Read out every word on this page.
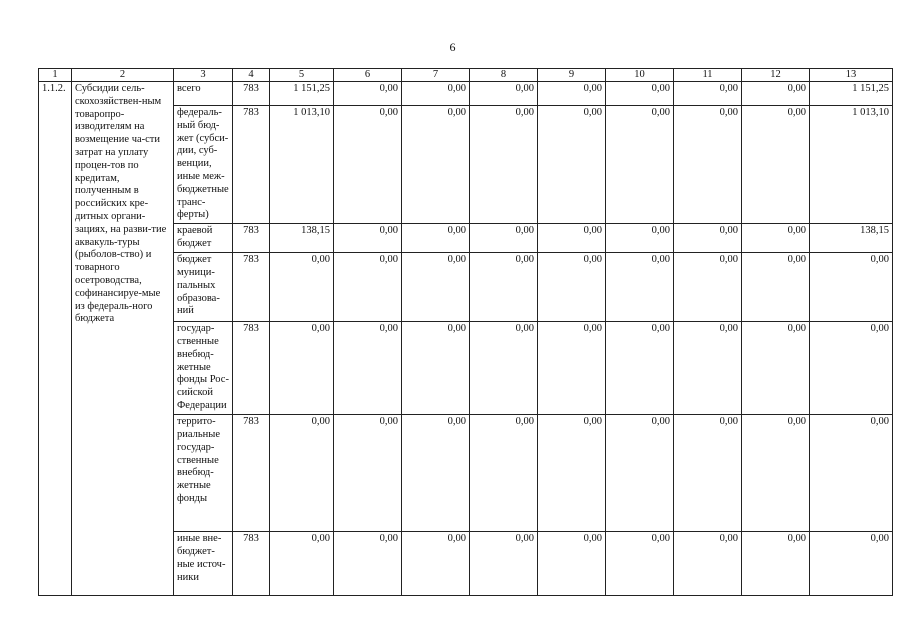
6
1	2	3	4	5	6	7	8	9	10	11	12	13
1.1.2.	Субсидии сель-скохозяйствен-ным товаропро-изводителям на возмещение ча-сти затрат на уплату процен-тов по кредитам, полученным в российских кре-дитных органи-зациях, на разви-тие аквакуль-туры (рыболов-ство) и товарного осетроводства, софинансируе-мые из федераль-ного бюджета	всего	783	1 151,25	0,00	0,00	0,00	0,00	0,00	0,00	0,00	1 151,25
		федераль-ный бюд-жет (субси-дии, суб-венции, иные меж-бюджетные транс-ферты)	783	1 013,10	0,00	0,00	0,00	0,00	0,00	0,00	0,00	1 013,10
		краевой бюджет	783	138,15	0,00	0,00	0,00	0,00	0,00	0,00	0,00	138,15
		бюджет муници-пальных образова-ний	783	0,00	0,00	0,00	0,00	0,00	0,00	0,00	0,00	0,00
		государ-ственные внебюд-жетные фонды Рос-сийской Федерации	783	0,00	0,00	0,00	0,00	0,00	0,00	0,00	0,00	0,00
		террито-риальные государ-ственные внебюд-жетные фонды	783	0,00	0,00	0,00	0,00	0,00	0,00	0,00	0,00	0,00
		иные вне-бюджет-ные источ-ники	783	0,00	0,00	0,00	0,00	0,00	0,00	0,00	0,00	0,00
